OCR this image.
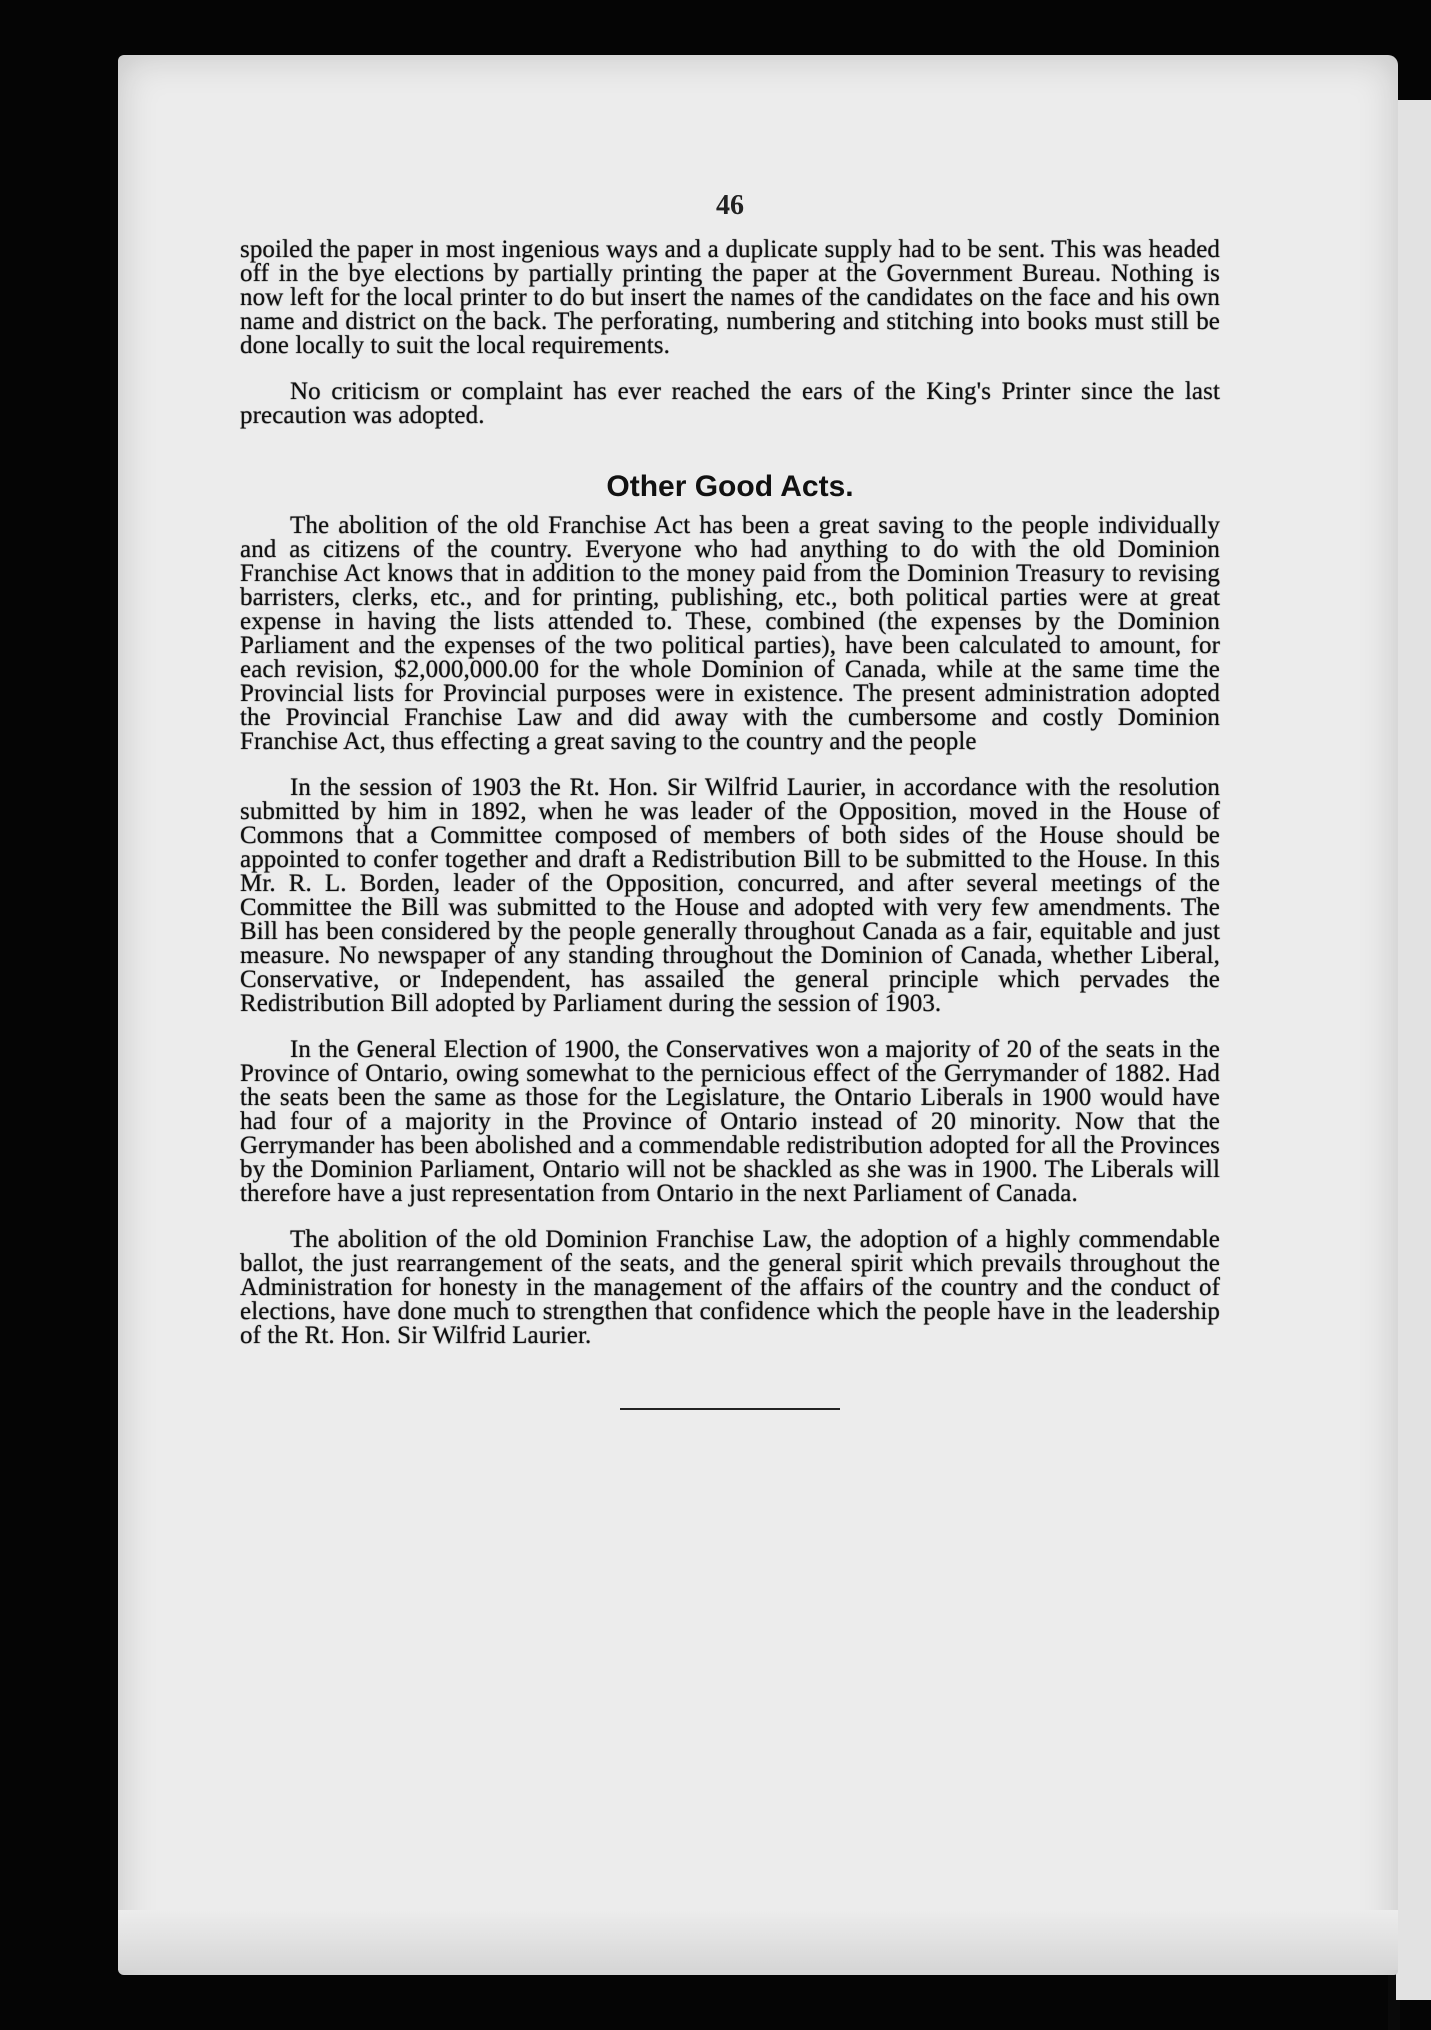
46

spoiled the paper in most ingenious ways and a duplicate supply had to be sent. This was headed off in the bye elections by partially printing the paper at the Government Bureau. Nothing is now left for the local printer to do but insert the names of the candidates on the face and his own name and district on the back. The perforating, numbering and stitching into books must still be done locally to suit the local requirements.

No criticism or complaint has ever reached the ears of the King's Printer since the last precaution was adopted.

Other Good Acts.

The abolition of the old Franchise Act has been a great saving to the people individually and as citizens of the country. Everyone who had anything to do with the old Dominion Franchise Act knows that in addition to the money paid from the Dominion Treasury to revising barristers, clerks, etc., and for printing, publishing, etc., both political parties were at great expense in having the lists attended to. These, combined (the expenses by the Dominion Parliament and the expenses of the two political parties), have been calculated to amount, for each revision, $2,000,000.00 for the whole Dominion of Canada, while at the same time the Provincial lists for Provincial purposes were in existence. The present administration adopted the Provincial Franchise Law and did away with the cumbersome and costly Dominion Franchise Act, thus effecting a great saving to the country and the people

In the session of 1903 the Rt. Hon. Sir Wilfrid Laurier, in accordance with the resolution submitted by him in 1892, when he was leader of the Opposition, moved in the House of Commons that a Committee composed of members of both sides of the House should be appointed to confer together and draft a Redistribution Bill to be submitted to the House. In this Mr. R. L. Borden, leader of the Opposition, concurred, and after several meetings of the Committee the Bill was submitted to the House and adopted with very few amendments. The Bill has been considered by the people generally throughout Canada as a fair, equitable and just measure. No newspaper of any standing throughout the Dominion of Canada, whether Liberal, Conservative, or Independent, has assailed the general principle which pervades the Redistribution Bill adopted by Parliament during the session of 1903.

In the General Election of 1900, the Conservatives won a majority of 20 of the seats in the Province of Ontario, owing somewhat to the pernicious effect of the Gerrymander of 1882. Had the seats been the same as those for the Legislature, the Ontario Liberals in 1900 would have had four of a majority in the Province of Ontario instead of 20 minority. Now that the Gerrymander has been abolished and a commendable redistribution adopted for all the Provinces by the Dominion Parliament, Ontario will not be shackled as she was in 1900. The Liberals will therefore have a just representation from Ontario in the next Parliament of Canada.

The abolition of the old Dominion Franchise Law, the adoption of a highly commendable ballot, the just rearrangement of the seats, and the general spirit which prevails throughout the Administration for honesty in the management of the affairs of the country and the conduct of elections, have done much to strengthen that confidence which the people have in the leadership of the Rt. Hon. Sir Wilfrid Laurier.
